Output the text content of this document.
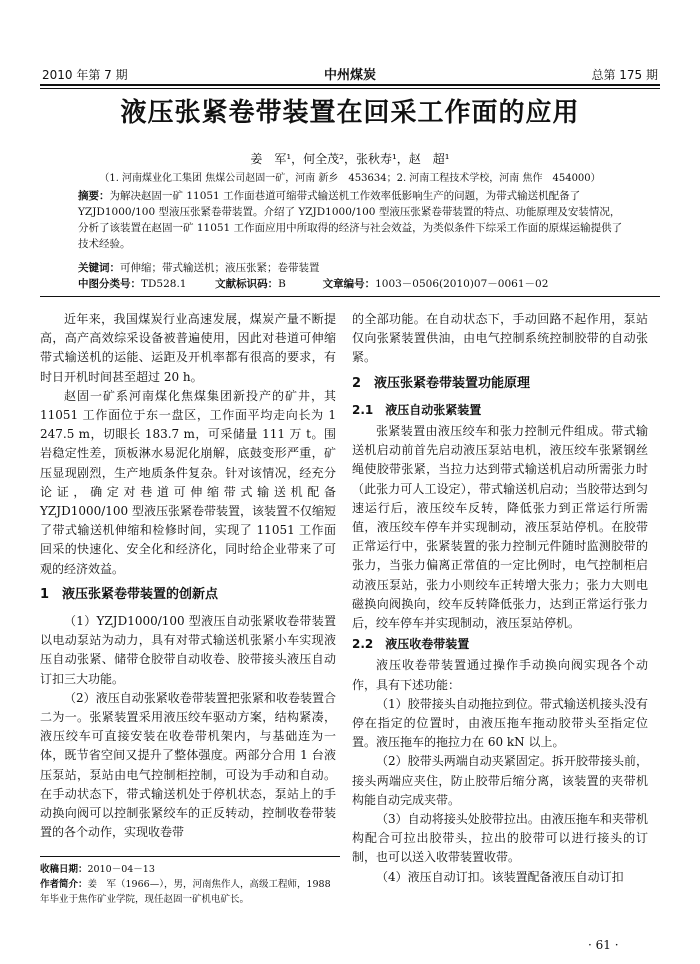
2010 年第 7 期	中州煤炭	总第 175 期
液压张紧卷带装置在回采工作面的应用
姜　军¹，何全茂²，张秋寿¹，赵　超¹
（1. 河南煤业化工集团 焦煤公司赵固一矿，河南 新乡　453634；2. 河南工程技术学校，河南 焦作　454000）
摘要：为解决赵固一矿 11051 工作面巷道可缩带式输送机工作效率低影响生产的问题，为带式输送机配备了 YZJD1000/100 型液压张紧卷带装置。介绍了 YZJD1000/100 型液压张紧卷带装置的特点、功能原理及安装情况，分析了该装置在赵固一矿 11051 工作面应用中所取得的经济与社会效益，为类似条件下综采工作面的原煤运输提供了技术经验。
关键词：可伸缩；带式输送机；液压张紧；卷带装置
中图分类号：TD528.1	文献标识码：B	文章编号：1003－0506(2010)07－0061－02

近年来，我国煤炭行业高速发展，煤炭产量不断提高，高产高效综采设备被普遍使用，因此对巷道可伸缩带式输送机的运能、运距及开机率都有很高的要求，有时日开机时间甚至超过 20 h。

赵固一矿系河南煤化焦煤集团新投产的矿井，其 11051 工作面位于东一盘区，工作面平均走向长为 1 247.5 m，切眼长 183.7 m，可采储量 111 万 t。围岩稳定性差，顶板淋水易泥化崩解，底鼓变形严重，矿压显现剧烈，生产地质条件复杂。针对该情况，经充分论证，确定对巷道可伸缩带式输送机配备 YZJD1000/100 型液压张紧卷带装置，该装置不仅缩短了带式输送机伸缩和检修时间，实现了 11051 工作面回采的快速化、安全化和经济化，同时给企业带来了可观的经济效益。

1　液压张紧卷带装置的创新点

（1）YZJD1000/100 型液压自动张紧收卷带装置以电动泵站为动力，具有对带式输送机张紧小车实现液压自动张紧、储带仓胶带自动收卷、胶带接头液压自动订扣三大功能。

（2）液压自动张紧收卷带装置把张紧和收卷装置合二为一。张紧装置采用液压绞车驱动方案，结构紧凑，液压绞车可直接安装在收卷带机架内，与基础连为一体，既节省空间又提升了整体强度。两部分合用 1 台液压泵站，泵站由电气控制柜控制，可设为手动和自动。在手动状态下，带式输送机处于停机状态，泵站上的手动换向阀可以控制张紧绞车的正反转动，控制收卷带装置的各个动作，实现收卷带

的全部功能。在自动状态下，手动回路不起作用，泵站仅向张紧装置供油，由电气控制系统控制胶带的自动张紧。

2　液压张紧卷带装置功能原理
2.1　液压自动张紧装置

张紧装置由液压绞车和张力控制元件组成。带式输送机启动前首先启动液压泵站电机，液压绞车张紧钢丝绳使胶带张紧，当拉力达到带式输送机启动所需张力时（此张力可人工设定），带式输送机启动；当胶带达到匀速运行后，液压绞车反转，降低张力到正常运行所需值，液压绞车停车并实现制动，液压泵站停机。在胶带正常运行中，张紧装置的张力控制元件随时监测胶带的张力，当张力偏离正常值的一定比例时，电气控制柜启动液压泵站，张力小则绞车正转增大张力；张力大则电磁换向阀换向，绞车反转降低张力，达到正常运行张力后，绞车停车并实现制动，液压泵站停机。

2.2　液压收卷带装置

液压收卷带装置通过操作手动换向阀实现各个动作，具有下述功能：

（1）胶带接头自动拖拉到位。带式输送机接头没有停在指定的位置时，由液压拖车拖动胶带头至指定位置。液压拖车的拖拉力在 60 kN 以上。

（2）胶带头两端自动夹紧固定。拆开胶带接头前，接头两端应夹住，防止胶带后缩分离，该装置的夹带机构能自动完成夹带。

（3）自动将接头处胶带拉出。由液压拖车和夹带机构配合可拉出胶带头，拉出的胶带可以进行接头的订制，也可以送入收带装置收带。

（4）液压自动订扣。该装置配备液压自动订扣

收稿日期：2010－04－13
作者简介：姜　军（1966—），男，河南焦作人，高级工程师，1988 年毕业于焦作矿业学院，现任赵固一矿机电矿长。
· 61 ·
